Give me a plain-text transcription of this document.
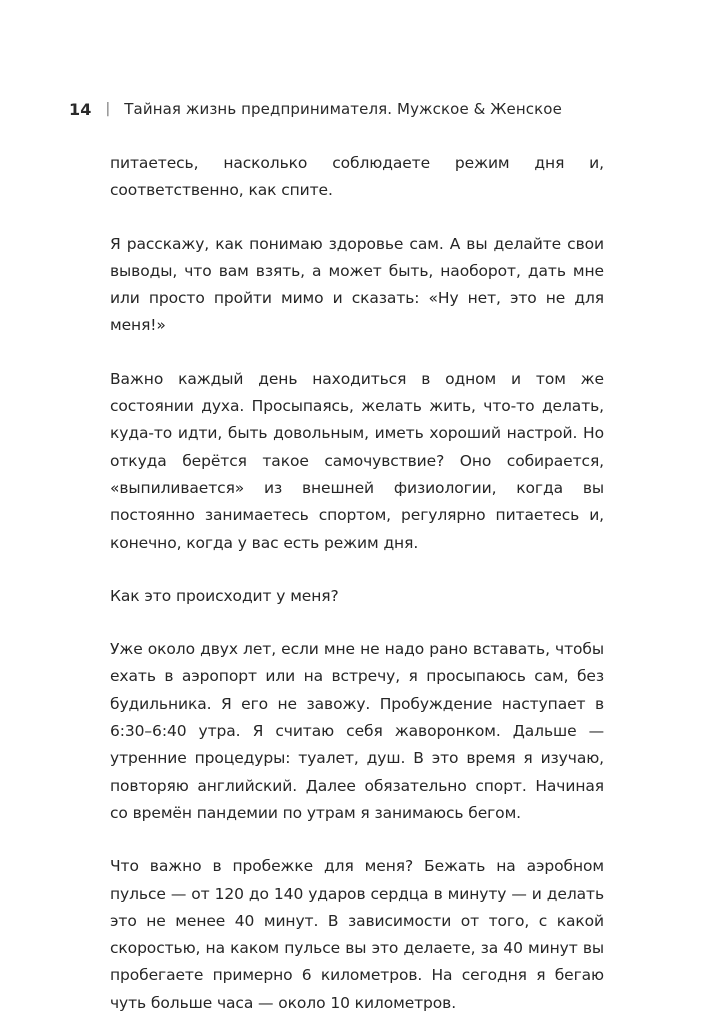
14 | Тайная жизнь предпринимателя. Мужское & Женское

питаетесь, насколько соблюдаете режим дня и, соответственно, как спите.

Я расскажу, как понимаю здоровье сам. А вы делайте свои выводы, что вам взять, а может быть, наоборот, дать мне или просто пройти мимо и сказать: «Ну нет, это не для меня!»

Важно каждый день находиться в одном и том же состоянии духа. Просыпаясь, желать жить, что-то делать, куда-то идти, быть довольным, иметь хороший настрой. Но откуда берётся такое самочувствие? Оно собирается, «выпиливается» из внешней физиологии, когда вы постоянно занимаетесь спортом, регулярно питаетесь и, конечно, когда у вас есть режим дня.

Как это происходит у меня?

Уже около двух лет, если мне не надо рано вставать, чтобы ехать в аэропорт или на встречу, я просыпаюсь сам, без будильника. Я его не завожу. Пробуждение наступает в 6:30–6:40 утра. Я считаю себя жаворонком. Дальше — утренние процедуры: туалет, душ. В это время я изучаю, повторяю английский. Далее обязательно спорт. Начиная со времён пандемии по утрам я занимаюсь бегом.

Что важно в пробежке для меня? Бежать на аэробном пульсе — от 120 до 140 ударов сердца в минуту — и делать это не менее 40 минут. В зависимости от того, с какой скоростью, на каком пульсе вы это делаете, за 40 минут вы пробегаете примерно 6 километров. На сегодня я бегаю чуть больше часа — около 10 километров.
